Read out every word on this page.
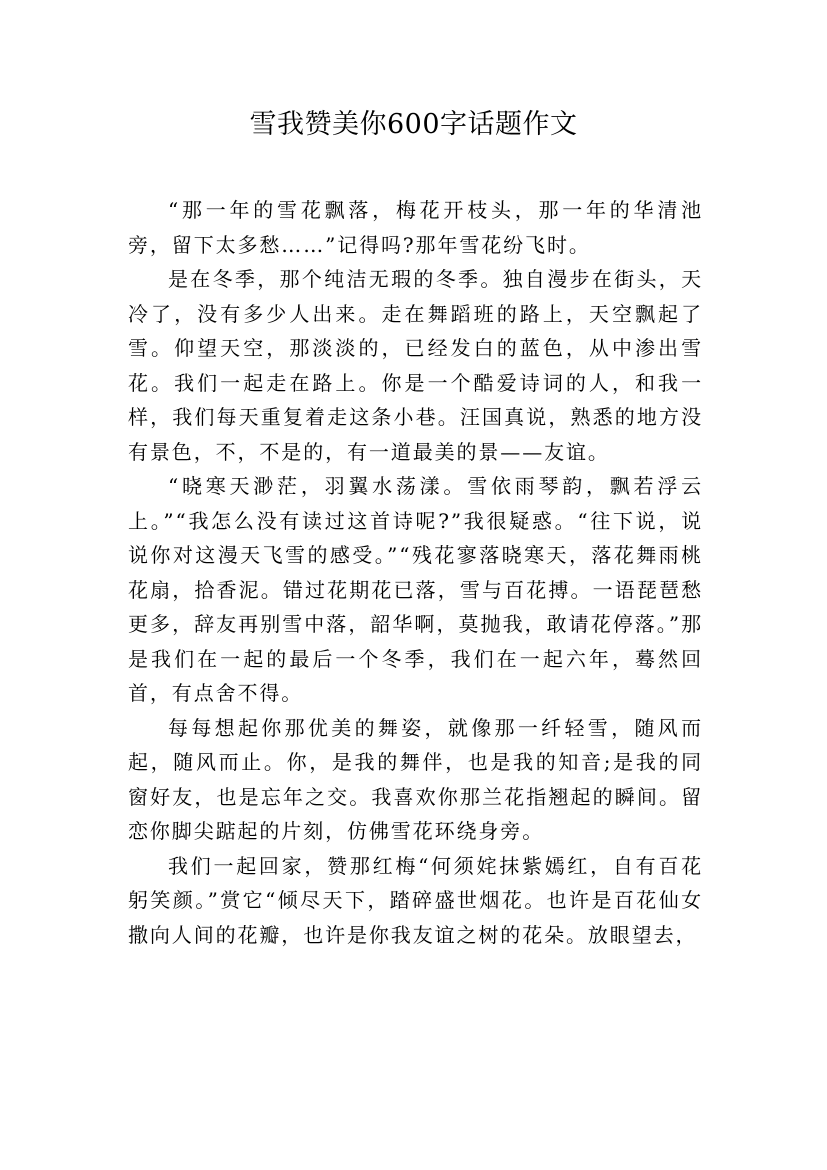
雪我赞美你600字话题作文

“那一年的雪花飘落，梅花开枝头，那一年的华清池旁，留下太多愁……”记得吗?那年雪花纷飞时。

是在冬季，那个纯洁无瑕的冬季。独自漫步在街头，天冷了，没有多少人出来。走在舞蹈班的路上，天空飘起了雪。仰望天空，那淡淡的，已经发白的蓝色，从中渗出雪花。我们一起走在路上。你是一个酷爱诗词的人，和我一样，我们每天重复着走这条小巷。汪国真说，熟悉的地方没有景色，不，不是的，有一道最美的景——友谊。

“晓寒天渺茫，羽翼水荡漾。雪依雨琴韵，飘若浮云上。”“我怎么没有读过这首诗呢?”我很疑惑。“往下说，说说你对这漫天飞雪的感受。”“残花寥落晓寒天，落花舞雨桃花扇，拾香泥。错过花期花已落，雪与百花搏。一语琵琶愁更多，辞友再别雪中落，韶华啊，莫抛我，敢请花停落。”那是我们在一起的最后一个冬季，我们在一起六年，蓦然回首，有点舍不得。

每每想起你那优美的舞姿，就像那一纤轻雪，随风而起，随风而止。你，是我的舞伴，也是我的知音;是我的同窗好友，也是忘年之交。我喜欢你那兰花指翘起的瞬间。留恋你脚尖踮起的片刻，仿佛雪花环绕身旁。

我们一起回家，赞那红梅“何须姹抹紫嫣红，自有百花躬笑颜。”赏它“倾尽天下，踏碎盛世烟花。也许是百花仙女撒向人间的花瓣，也许是你我友谊之树的花朵。放眼望去，
